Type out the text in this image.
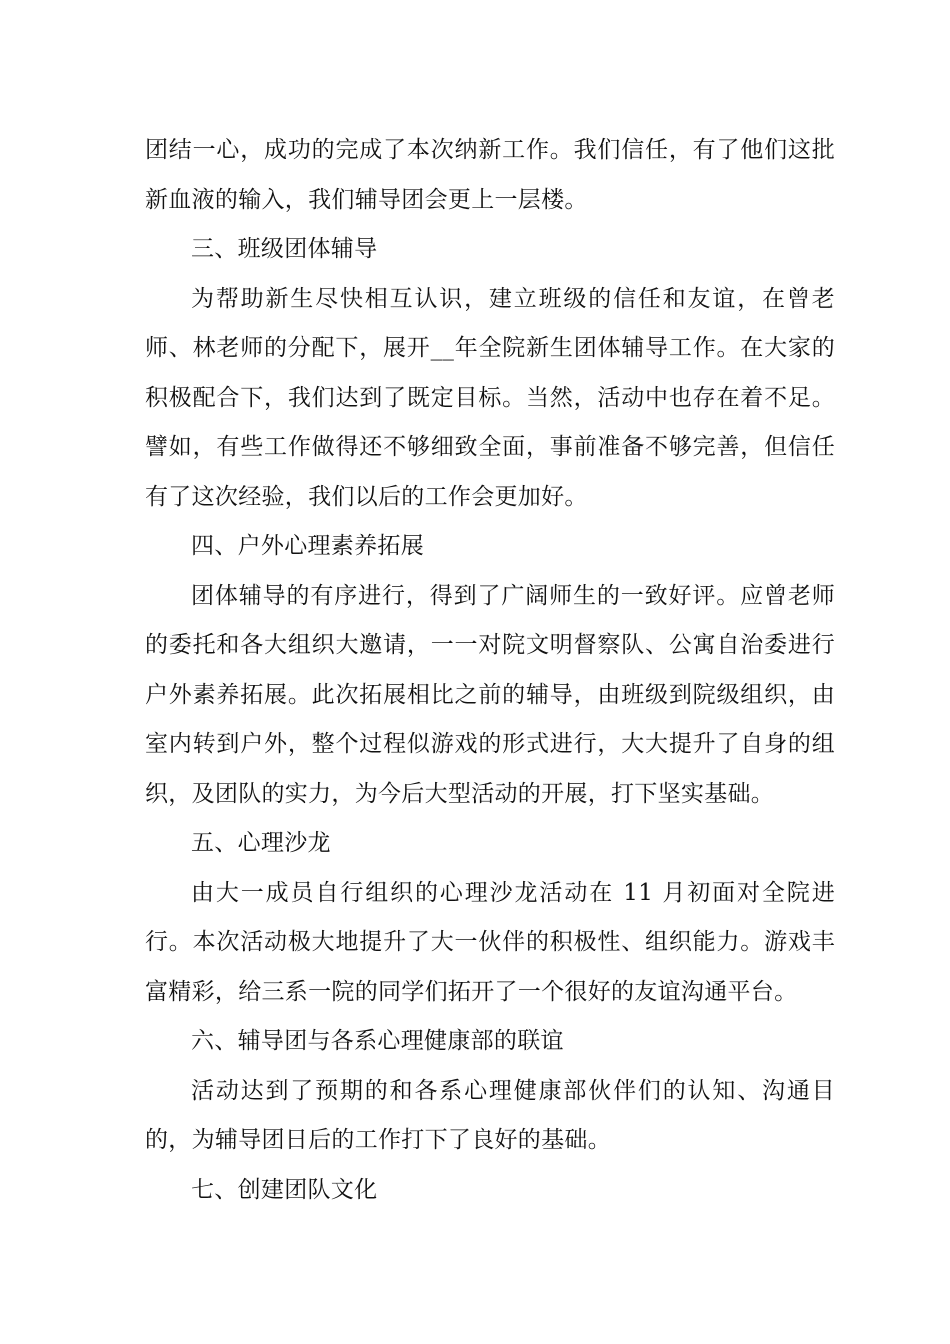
团结一心，成功的完成了本次纳新工作。我们信任，有了他们这批新血液的输入，我们辅导团会更上一层楼。

三、班级团体辅导

为帮助新生尽快相互认识，建立班级的信任和友谊，在曾老师、林老师的分配下，展开__年全院新生团体辅导工作。在大家的积极配合下，我们达到了既定目标。当然，活动中也存在着不足。譬如，有些工作做得还不够细致全面，事前准备不够完善，但信任有了这次经验，我们以后的工作会更加好。

四、户外心理素养拓展

团体辅导的有序进行，得到了广阔师生的一致好评。应曾老师的委托和各大组织大邀请，一一对院文明督察队、公寓自治委进行户外素养拓展。此次拓展相比之前的辅导，由班级到院级组织，由室内转到户外，整个过程似游戏的形式进行，大大提升了自身的组织，及团队的实力，为今后大型活动的开展，打下坚实基础。

五、心理沙龙

由大一成员自行组织的心理沙龙活动在 11 月初面对全院进行。本次活动极大地提升了大一伙伴的积极性、组织能力。游戏丰富精彩，给三系一院的同学们拓开了一个很好的友谊沟通平台。

六、辅导团与各系心理健康部的联谊

活动达到了预期的和各系心理健康部伙伴们的认知、沟通目的，为辅导团日后的工作打下了良好的基础。

七、创建团队文化
